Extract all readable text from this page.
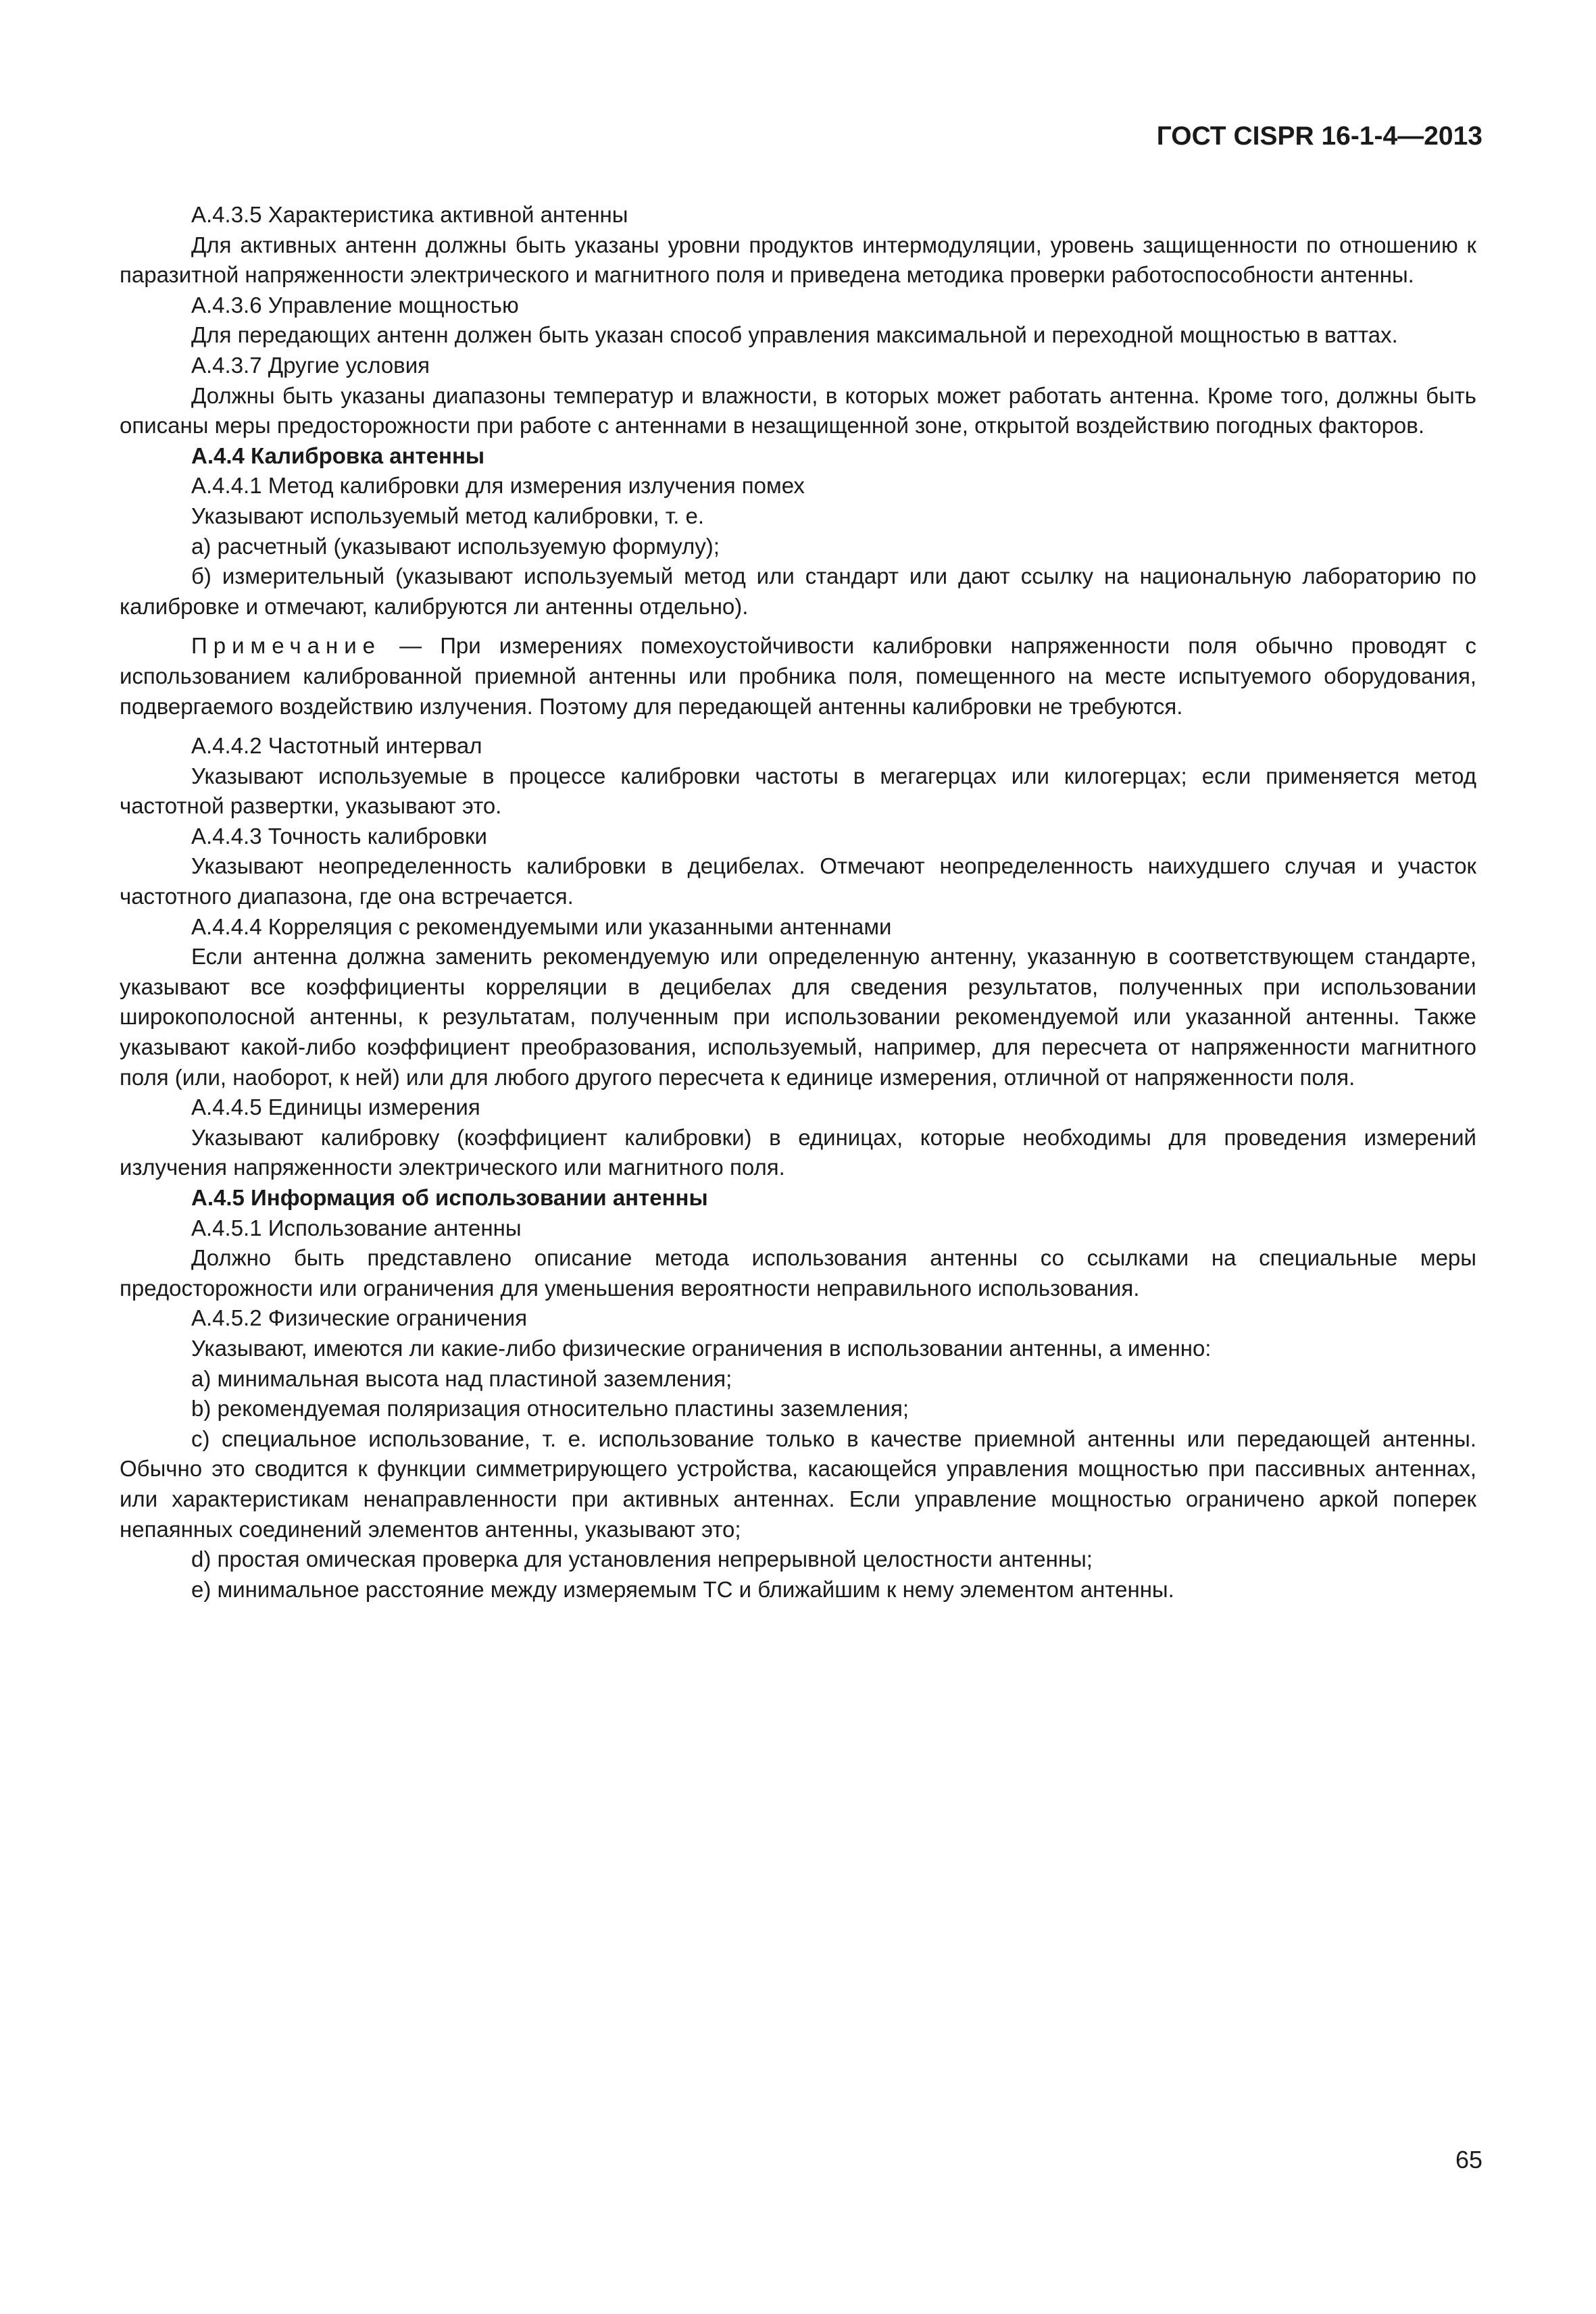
ГОСТ CISPR 16-1-4—2013

А.4.3.5 Характеристика активной антенны

Для активных антенн должны быть указаны уровни продуктов интермодуляции, уровень защищенности по отношению к паразитной напряженности электрического и магнитного поля и приведена методика проверки работоспособности антенны.

А.4.3.6 Управление мощностью

Для передающих антенн должен быть указан способ управления максимальной и переходной мощностью в ваттах.

А.4.3.7 Другие условия

Должны быть указаны диапазоны температур и влажности, в которых может работать антенна. Кроме того, должны быть описаны меры предосторожности при работе с антеннами в незащищенной зоне, открытой воздействию погодных факторов.

А.4.4 Калибровка антенны

А.4.4.1 Метод калибровки для измерения излучения помех

Указывают используемый метод калибровки, т. е.

а) расчетный (указывают используемую формулу);

б) измерительный (указывают используемый метод или стандарт или дают ссылку на национальную лабораторию по калибровке и отмечают, калибруются ли антенны отдельно).

Примечание — При измерениях помехоустойчивости калибровки напряженности поля обычно проводят с использованием калиброванной приемной антенны или пробника поля, помещенного на месте испытуемого оборудования, подвергаемого воздействию излучения. Поэтому для передающей антенны калибровки не требуются.

А.4.4.2 Частотный интервал

Указывают используемые в процессе калибровки частоты в мегагерцах или килогерцах; если применяется метод частотной развертки, указывают это.

А.4.4.3 Точность калибровки

Указывают неопределенность калибровки в децибелах. Отмечают неопределенность наихудшего случая и участок частотного диапазона, где она встречается.

А.4.4.4 Корреляция с рекомендуемыми или указанными антеннами

Если антенна должна заменить рекомендуемую или определенную антенну, указанную в соответствующем стандарте, указывают все коэффициенты корреляции в децибелах для сведения результатов, полученных при использовании широкополосной антенны, к результатам, полученным при использовании рекомендуемой или указанной антенны. Также указывают какой-либо коэффициент преобразования, используемый, например, для пересчета от напряженности магнитного поля (или, наоборот, к ней) или для любого другого пересчета к единице измерения, отличной от напряженности поля.

А.4.4.5 Единицы измерения

Указывают калибровку (коэффициент калибровки) в единицах, которые необходимы для проведения измерений излучения напряженности электрического или магнитного поля.

А.4.5 Информация об использовании антенны

А.4.5.1 Использование антенны

Должно быть представлено описание метода использования антенны со ссылками на специальные меры предосторожности или ограничения для уменьшения вероятности неправильного использования.

А.4.5.2 Физические ограничения

Указывают, имеются ли какие-либо физические ограничения в использовании антенны, а именно:

a) минимальная высота над пластиной заземления;

b) рекомендуемая поляризация относительно пластины заземления;

c) специальное использование, т. е. использование только в качестве приемной антенны или передающей антенны. Обычно это сводится к функции симметрирующего устройства, касающейся управления мощностью при пассивных антеннах, или характеристикам ненаправленности при активных антеннах. Если управление мощностью ограничено аркой поперек непаянных соединений элементов антенны, указывают это;

d) простая омическая проверка для установления непрерывной целостности антенны;

e) минимальное расстояние между измеряемым ТС и ближайшим к нему элементом антенны.

65
